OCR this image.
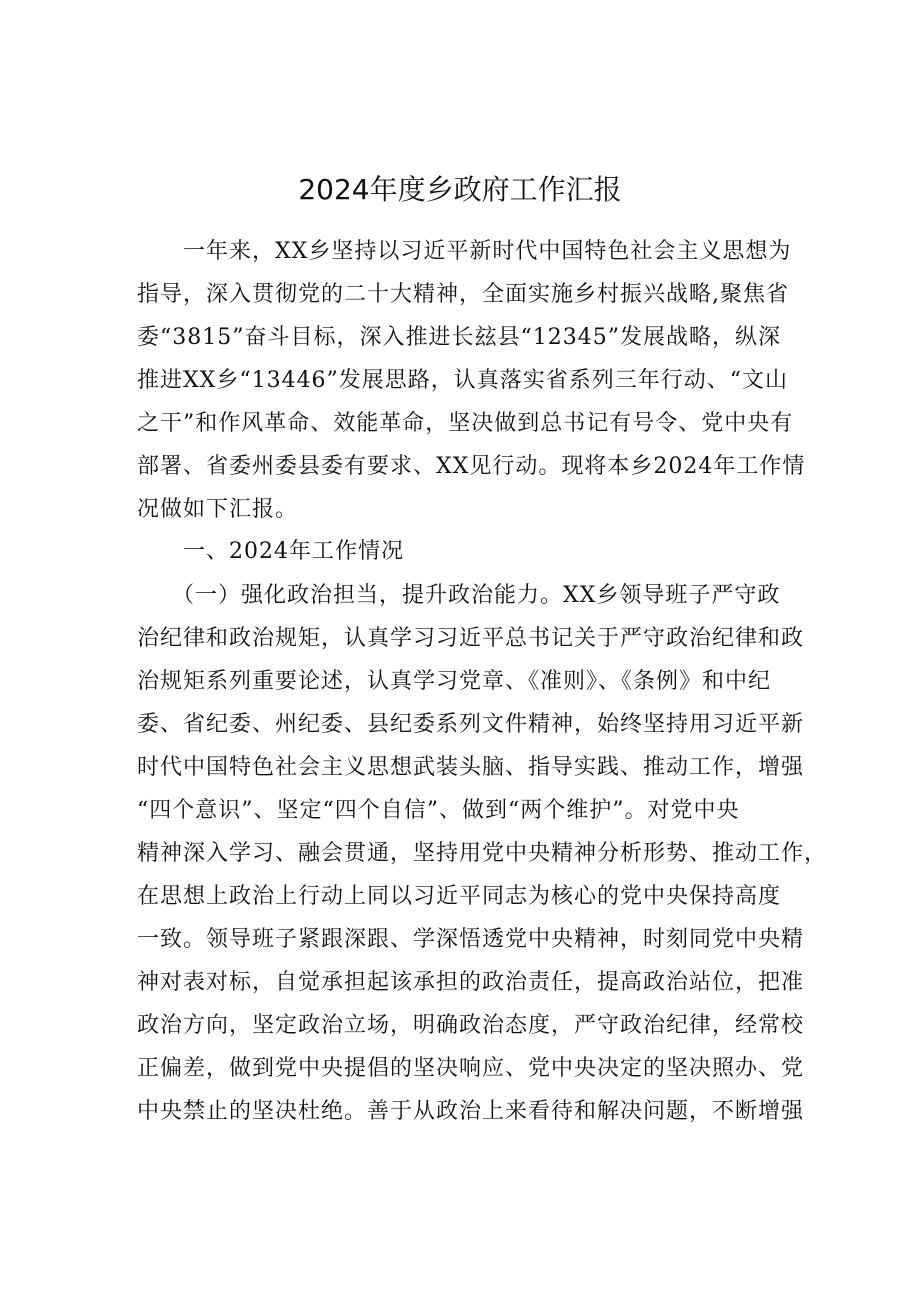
2024年度乡政府工作汇报
　　一年来，XX乡坚持以习近平新时代中国特色社会主义思想为
指导，深入贯彻党的二十大精神，全面实施乡村振兴战略,聚焦省
委“3815”奋斗目标，深入推进长玆县“12345”发展战略，纵深
推进XX乡“13446”发展思路，认真落实省系列三年行动、“文山
之干”和作风革命、效能革命，坚决做到总书记有号令、党中央有
部署、省委州委县委有要求、XX见行动。现将本乡2024年工作情
况做如下汇报。
　　一、2024年工作情况
　　（一）强化政治担当，提升政治能力。XX乡领导班子严守政
治纪律和政治规矩，认真学习习近平总书记关于严守政治纪律和政
治规矩系列重要论述，认真学习党章、《准则》、《条例》和中纪
委、省纪委、州纪委、县纪委系列文件精神，始终坚持用习近平新
时代中国特色社会主义思想武装头脑、指导实践、推动工作，增强
“四个意识”、坚定“四个自信”、做到“两个维护”。对党中央
精神深入学习、融会贯通，坚持用党中央精神分析形势、推动工作，
在思想上政治上行动上同以习近平同志为核心的党中央保持高度
一致。领导班子紧跟深跟、学深悟透党中央精神，时刻同党中央精
神对表对标，自觉承担起该承担的政治责任，提高政治站位，把准
政治方向，坚定政治立场，明确政治态度，严守政治纪律，经常校
正偏差，做到党中央提倡的坚决响应、党中央决定的坚决照办、党
中央禁止的坚决杜绝。善于从政治上来看待和解决问题，不断增强
